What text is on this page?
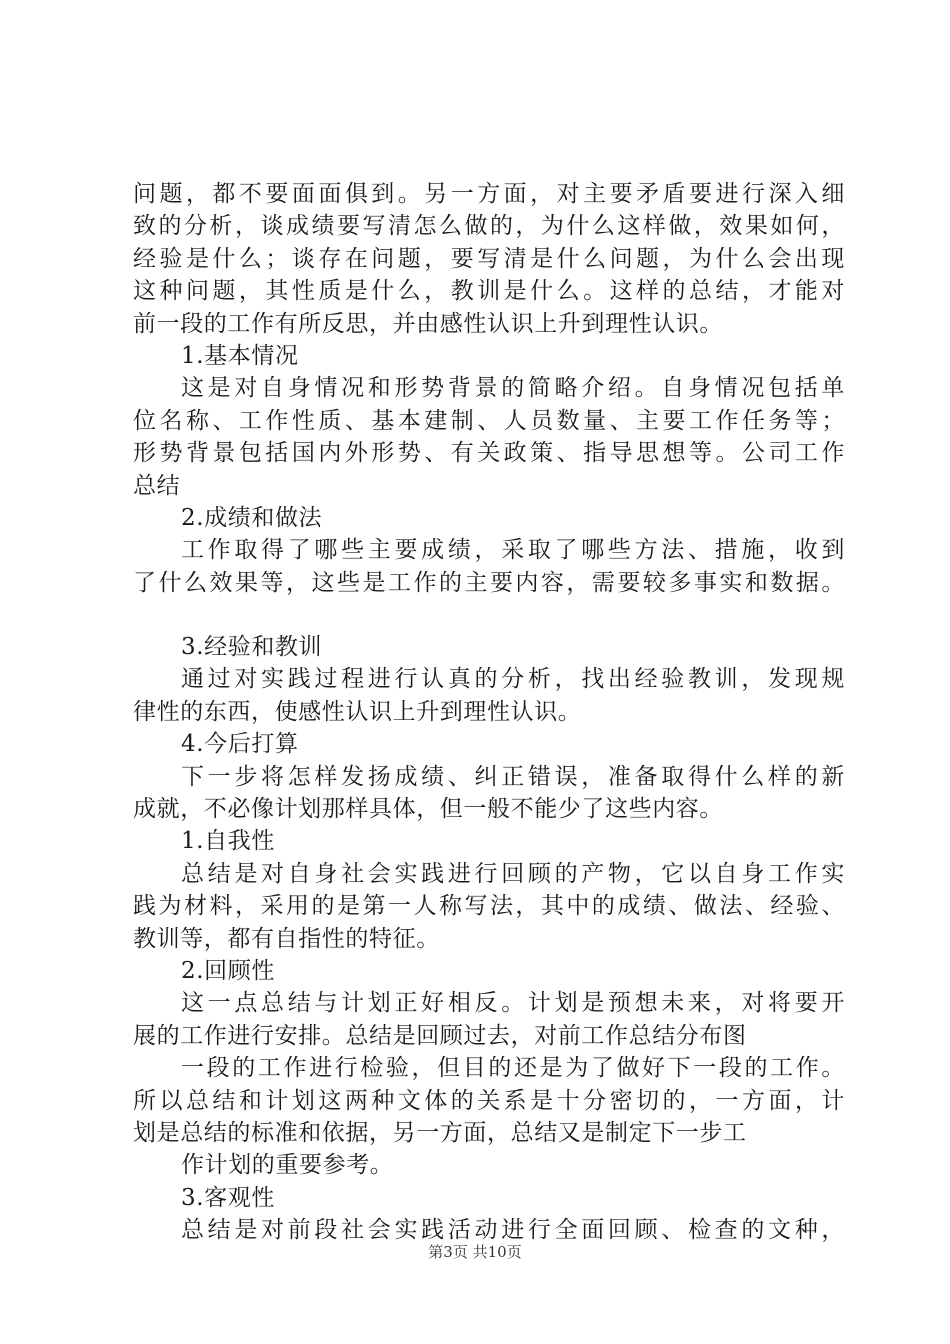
问题，都不要面面俱到。另一方面，对主要矛盾要进行深入细
致的分析，谈成绩要写清怎么做的，为什么这样做，效果如何，
经验是什么；谈存在问题，要写清是什么问题，为什么会出现
这种问题，其性质是什么，教训是什么。这样的总结，才能对
前一段的工作有所反思，并由感性认识上升到理性认识。
1.基本情况
这是对自身情况和形势背景的简略介绍。自身情况包括单
位名称、工作性质、基本建制、人员数量、主要工作任务等；
形势背景包括国内外形势、有关政策、指导思想等。公司工作
总结
2.成绩和做法
工作取得了哪些主要成绩，采取了哪些方法、措施，收到
了什么效果等，这些是工作的主要内容，需要较多事实和数据。
3.经验和教训
通过对实践过程进行认真的分析，找出经验教训，发现规
律性的东西，使感性认识上升到理性认识。
4.今后打算
下一步将怎样发扬成绩、纠正错误，准备取得什么样的新
成就，不必像计划那样具体，但一般不能少了这些内容。
1.自我性
总结是对自身社会实践进行回顾的产物，它以自身工作实
践为材料，采用的是第一人称写法，其中的成绩、做法、经验、
教训等，都有自指性的特征。
2.回顾性
这一点总结与计划正好相反。计划是预想未来，对将要开
展的工作进行安排。总结是回顾过去，对前工作总结分布图
一段的工作进行检验，但目的还是为了做好下一段的工作。
所以总结和计划这两种文体的关系是十分密切的，一方面，计
划是总结的标准和依据，另一方面，总结又是制定下一步工
作计划的重要参考。
3.客观性
总结是对前段社会实践活动进行全面回顾、检查的文种，
第3页 共10页
